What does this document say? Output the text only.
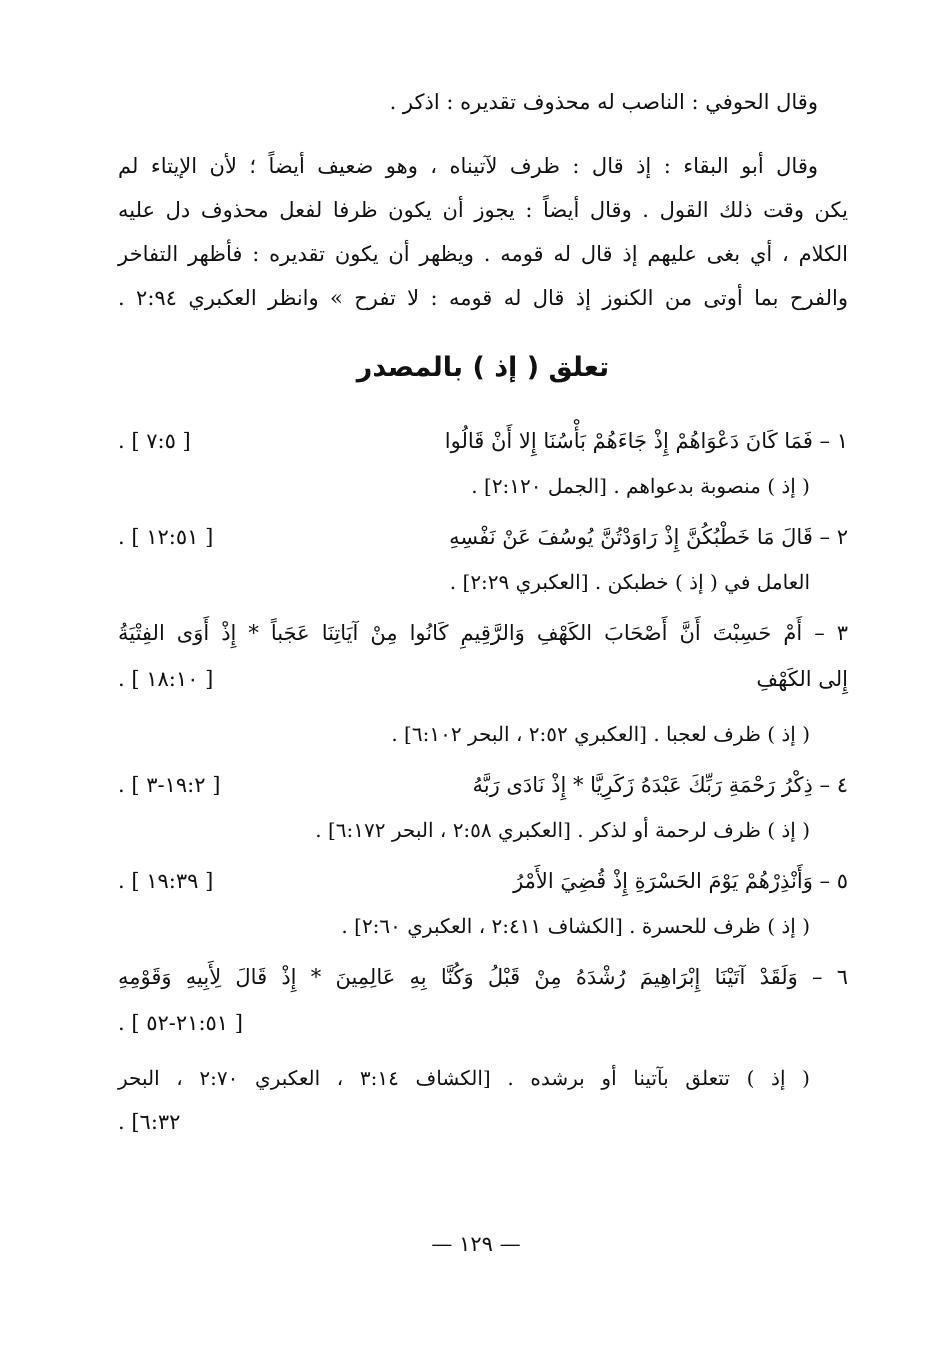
وقال الحوفي : الناصب له محذوف تقديره : اذكر .
وقال أبو البقاء : إذ قال : ظرف لآتيناه ، وهو ضعيف أيضاً ؛ لأن الإيتاء لم
يكن وقت ذلك القول . وقال أيضاً : يجوز أن يكون ظرفا لفعل محذوف دل عليه
الكلام ، أي بغى عليهم إذ قال له قومه . ويظهر أن يكون تقديره : فأظهر التفاخر
والفرح بما أوتى من الكنوز إذ قال له قومه : لا تفرح » وانظر العكبري ٢:٩٤ .
تعلق ( إذ ) بالمصدر
١ – فَمَا كَانَ دَعْوَاهُمْ إِذْ جَاءَهُمْ بَأْسُنَا إِلا أَنْ قَالُوا
[ ٧:٥ ] .
( إذ ) منصوبة بدعواهم . [الجمل ٢:١٢٠] .
٢ – قَالَ مَا خَطْبُكُنَّ إِذْ رَاوَدْتُنَّ يُوسُفَ عَنْ نَفْسِهِ
[ ١٢:٥١ ] .
العامل في ( إذ ) خطبكن . [العكبري ٢:٢٩] .
٣ – أَمْ حَسِبْتَ أَنَّ أَصْحَابَ الكَهْفِ وَالرَّقِيمِ كَانُوا مِنْ آيَاتِنَا عَجَباً * إِذْ أَوَى الفِتْيَةُ
إِلى الكَهْفِ
[ ١٨:١٠ ] .
( إذ ) ظرف لعجبا . [العكبري ٢:٥٢ ، البحر ٦:١٠٢] .
٤ – ذِكْرُ رَحْمَةِ رَبِّكَ عَبْدَهُ زَكَرِيَّا * إِذْ نَادَى رَبَّهُ
[ ١٩:٢-٣ ] .
( إذ ) ظرف لرحمة أو لذكر . [العكبري ٢:٥٨ ، البحر ٦:١٧٢] .
٥ – وَأَنْذِرْهُمْ يَوْمَ الحَسْرَةِ إِذْ قُضِيَ الأَمْرُ
[ ١٩:٣٩ ] .
( إذ ) ظرف للحسرة . [الكشاف ٢:٤١١ ، العكبري ٢:٦٠] .
٦ – وَلَقَدْ آتَيْنَا إِبْرَاهِيمَ رُشْدَهُ مِنْ قَبْلُ وَكُنَّا بِهِ عَالِمِينَ * إِذْ قَالَ لِأَبِيهِ وَقَوْمِهِ
[ ٢١:٥١-٥٢ ] .
( إذ ) تتعلق بآتينا أو برشده . [الكشاف ٣:١٤ ، العكبري ٢:٧٠ ، البحر
٦:٣٢] .
— ١٢٩ —
